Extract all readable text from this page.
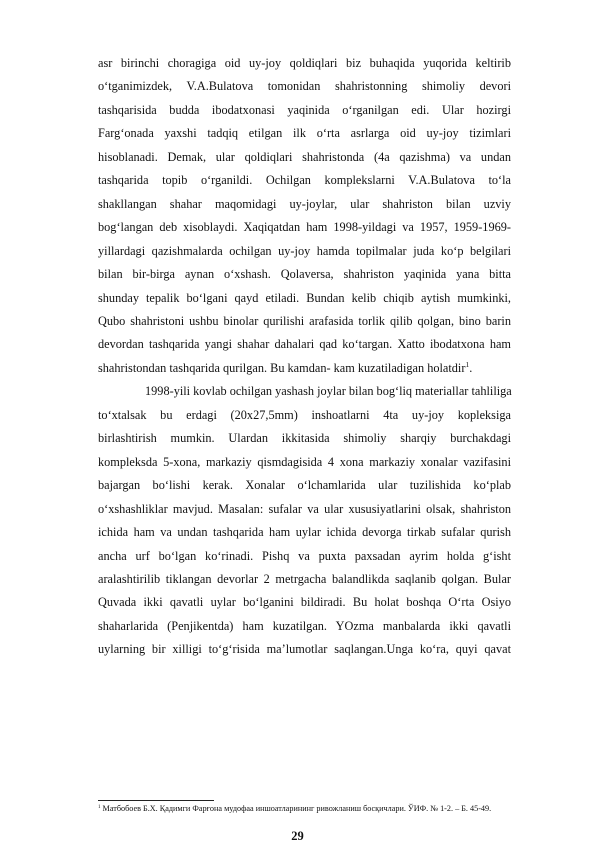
asr birinchi choragiga oid uy-joy qoldiqlari biz buhaqida yuqorida keltirib
o‘tganimizdek, V.A.Bulatova tomonidan shahristonning shimoliy devori
tashqarisida budda ibodatxonasi yaqinida o‘rganilgan edi. Ular hozirgi
Farg‘onada yaxshi tadqiq etilgan ilk o‘rta asrlarga oid uy-joy tizimlari
hisoblanadi. Demak, ular qoldiqlari shahristonda (4a qazishma) va undan
tashqarida topib o‘rganildi. Ochilgan komplekslarni V.A.Bulatova to‘la
shakllangan shahar maqomidagi uy-joylar, ular shahriston bilan uzviy
bog‘langan deb xisoblaydi. Xaqiqatdan ham 1998-yildagi va 1957, 1959-1969-
yillardagi qazishmalarda ochilgan uy-joy hamda topilmalar juda ko‘p belgilari
bilan bir-birga aynan o‘xshash. Qolaversa, shahriston yaqinida yana bitta
shunday tepalik bo‘lgani qayd etiladi. Bundan kelib chiqib aytish mumkinki,
Qubo shahristoni ushbu binolar qurilishi arafasida torlik qilib qolgan, bino barin
devordan tashqarida yangi shahar dahalari qad ko‘targan. Xatto ibodatxona ham
shahristondan tashqarida qurilgan. Bu kamdan- kam kuzatiladigan holatdir$^1$.

1998-yili kovlab ochilgan yashash joylar bilan bog‘liq materiallar tahliliga
to‘xtalsak bu erdagi (20x27,5mm) inshoatlarni 4ta uy-joy kopleksiga
birlashtirish mumkin. Ulardan ikkitasida shimoliy sharqiy burchakdagi
kompleksda 5-xona, markaziy qismdagisida 4 xona markaziy xonalar vazifasini
bajargan bo‘lishi kerak. Xonalar o‘lchamlarida ular tuzilishida ko‘plab
o‘xshashliklar mavjud. Masalan: sufalar va ular xususiyatlarini olsak, shahriston
ichida ham va undan tashqarida ham uylar ichida devorga tirkab sufalar qurish
ancha urf bo‘lgan ko‘rinadi. Pishq va puxta paxsadan ayrim holda g‘isht
aralashtirilib tiklangan devorlar 2 metrgacha balandlikda saqlanib qolgan. Bular
Quvada ikki qavatli uylar bo‘lganini bildiradi. Bu holat boshqa O‘rta Osiyo
shaharlarida (Penjikentda) ham kuzatilgan. YOzma manbalarda ikki qavatli
uylarning bir xilligi to‘g‘risida ma’lumotlar saqlangan.Unga ko‘ra, quyi qavat

$^1$ Матбобоев Б.Х. Қадимги Фарғона мудофаа иншоатларининг ривожланиш босқичлари. ЎИФ. № 1-2. – Б. 45-49.
29
